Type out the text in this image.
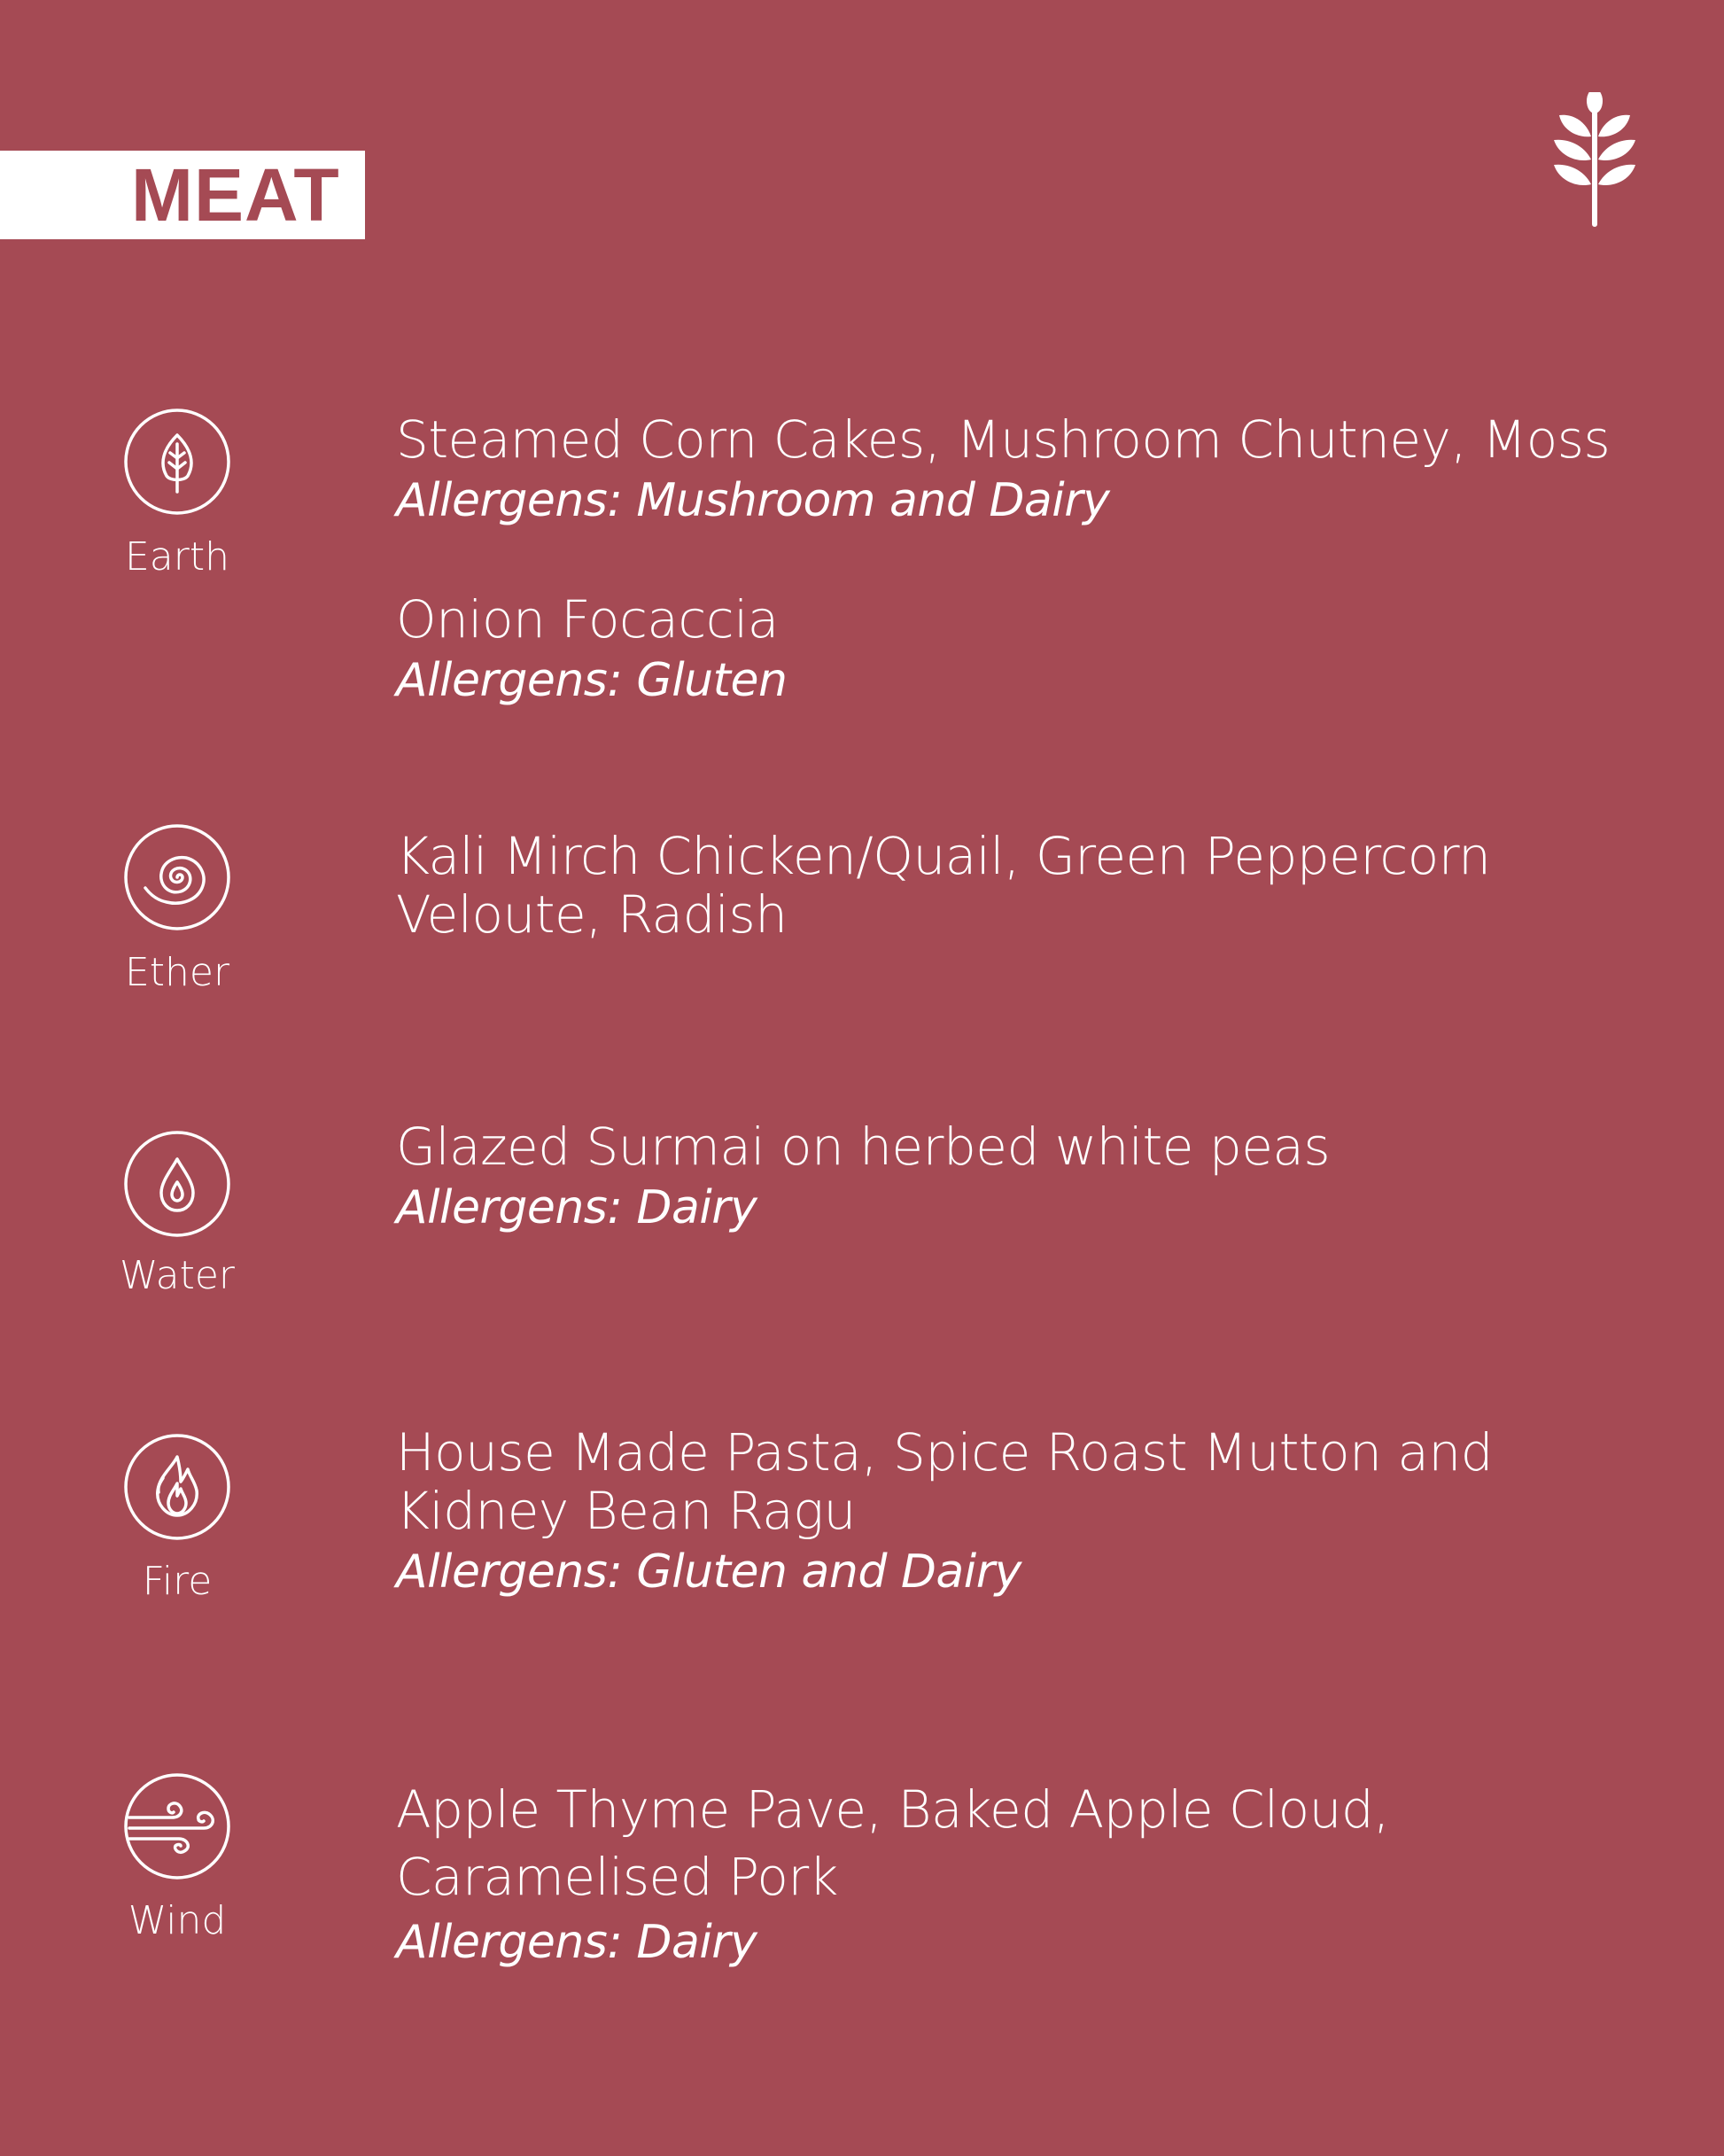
MEAT
Earth
Steamed Corn Cakes, Mushroom Chutney, Moss
Allergens: Mushroom and Dairy
Onion Focaccia
Allergens: Gluten
Ether
Kali Mirch Chicken/Quail, Green Peppercorn Veloute, Radish
Water
Glazed Surmai on herbed white peas
Allergens: Dairy
Fire
House Made Pasta, Spice Roast Mutton and Kidney Bean Ragu
Allergens: Gluten and Dairy
Wind
Apple Thyme Pave, Baked Apple Cloud, Caramelised Pork
Allergens: Dairy
